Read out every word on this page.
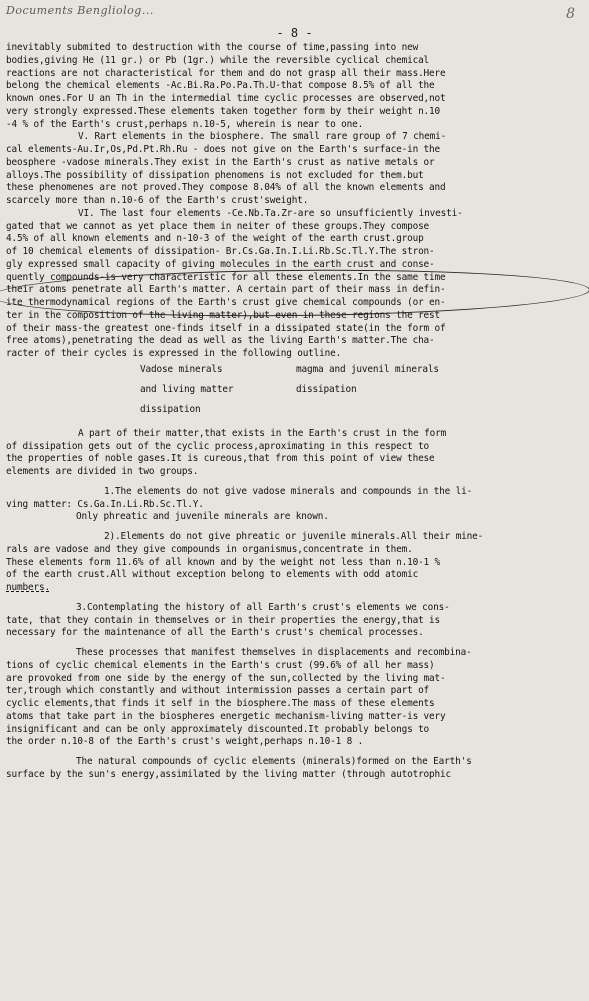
Documents Bengliolog...	8
- 8 -
inevitably submited to destruction with the course of time,passing into new
bodies,giving He (11 gr.) or Pb (1gr.) while the reversible cyclical chemical
reactions are not characteristical for them and do not grasp all their mass.Here
belong the chemical elements -Ac.Bi.Ra.Po.Pa.Th.U-that compose 8.5% of all the
known ones.For U an Th in the intermedial time cyclic processes are observed,not
very strongly expressed.These elements taken together form by their weight n.10
-4 % of the Earth's crust,perhaps n.10-5, wherein is near to one.
V. Rart elements in the biosphere. The small rare group of 7 chemi-
cal elements-Au.Ir,Os,Pd.Pt.Rh.Ru - does not give on the Earth's surface-in the
beosphere -vadose minerals.They exist in the Earth's crust as native metals or
alloys.The possibility of dissipation phenomens is not excluded for them.but
these phenomenes are not proved.They compose 8.04% of all the known elements and
scarcely more than n.10-6 of the Earth's crust'sweight.
VI. The last four elements -Ce.Nb.Ta.Zr-are so unsufficiently investi-
gated that we cannot as yet place them in neiter of these groups.They compose
4.5% of all known elements and n-10-3 of the weight of the earth crust.group
of 10 chemical elements of dissipation- Br.Cs.Ga.In.I.Li.Rb.Sc.Tl.Y.The stron-
gly expressed small capacity of giving molecules in the earth crust and conse-
quently compounds-is very characteristic for all these elements.In the same time
their atoms penetrate all Earth's matter. A certain part of their mass in defin-
ite thermodynamical regions of the Earth's crust give chemical compounds (or en-
ter in the composition of the living matter),but even in these regions the rest
of their mass-the greatest one-finds itself in a dissipated state(in the form of
free atoms),penetrating the dead as well as the living Earth's matter.The cha-
racter of their cycles is expressed in the following outline.
Vadose minerals	magma and juvenil minerals
and living matter	dissipation
dissipation
A part of their matter,that exists in the Earth's crust in the form
of dissipation gets out of the cyclic process,aproximating in this respect to
the properties of noble gases.It is cureous,that from this point of view these
elements are divided in two groups.
1.The elements do not give vadose minerals and compounds in the li-
ving matter: Cs.Ga.In.Li.Rb.Sc.Tl.Y.
Only phreatic and juvenile minerals are known.
2).Elements do not give phreatic or juvenile minerals.All their mine-
rals are vadose and they give compounds in organismus,concentrate in them.
These elements form 11.6% of all known and by the weight not less than n.10-1 %
of the earth crust.All without exception belong to elements with odd atomic
numbers.
3.Contemplating the history of all Earth's crust's elements we cons-
tate, that they contain in themselves or in their properties the energy,that is
necessary for the maintenance of all the Earth's crust's chemical processes.
These processes that manifest themselves in displacements and recombina-
tions of cyclic chemical elements in the Earth's crust (99.6% of all her mass)
are provoked from one side by the energy of the sun,collected by the living mat-
ter,trough which constantly and without intermission passes a certain part of
cyclic elements,that finds it self in the biosphere.The mass of these elements
atoms that take part in the biospheres energetic mechanism-living matter-is very
insignificant and can be only approximately discounted.It probably belongs to
the order n.10-8 of the Earth's crust's weight,perhaps n.10-1 8 .
The natural compounds of cyclic elements (minerals)formed on the Earth's
surface by the sun's energy,assimilated by the living matter (through autotrophic
